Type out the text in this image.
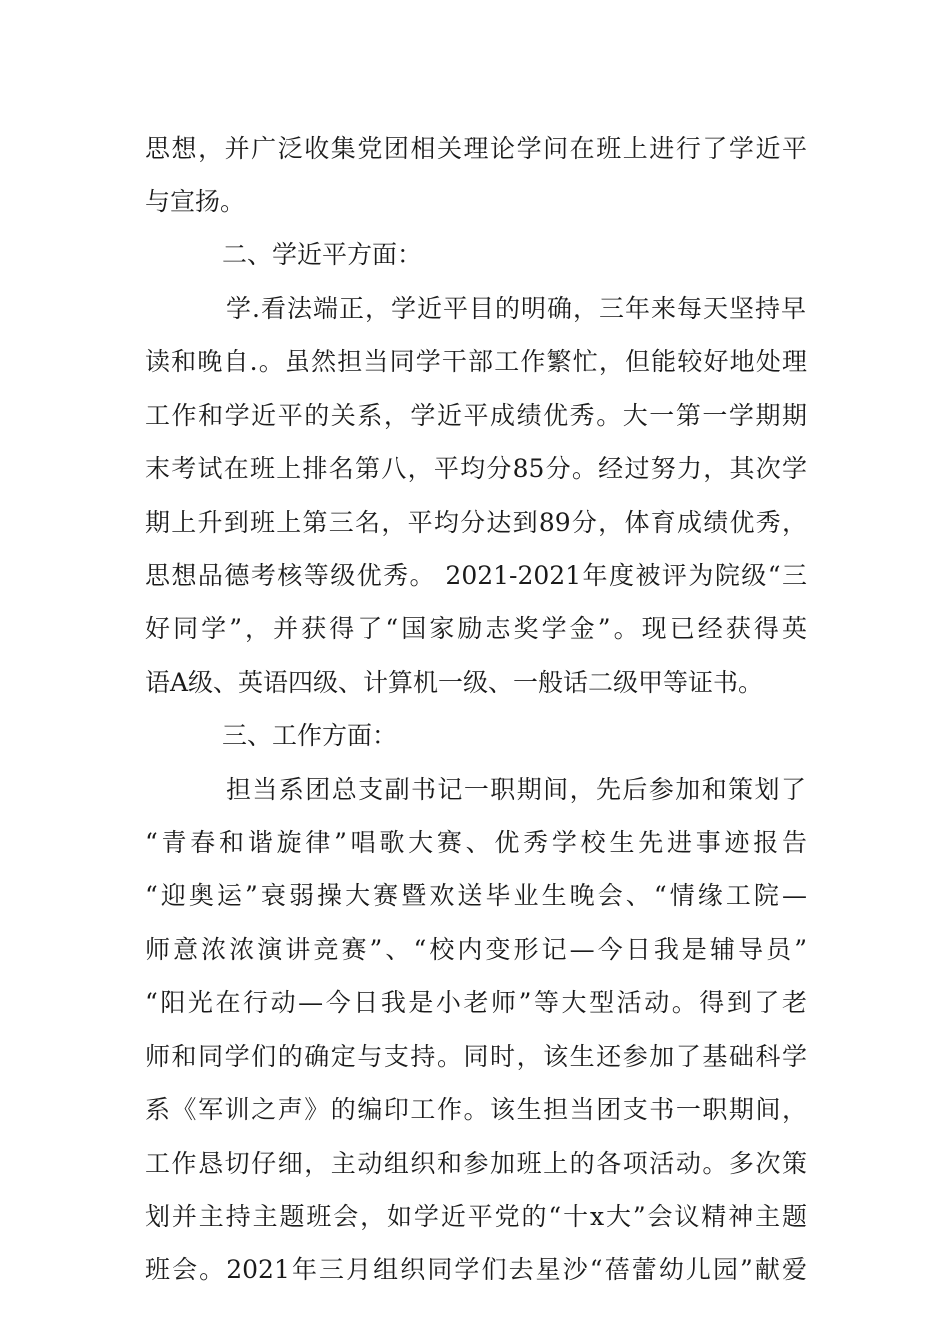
思想，并广泛收集党团相关理论学问在班上进行了学近平
与宣扬。
二、学近平方面：
学.看法端正，学近平目的明确，三年来每天坚持早
读和晚自.。虽然担当同学干部工作繁忙，但能较好地处理
工作和学近平的关系，学近平成绩优秀。大一第一学期期
末考试在班上排名第八，平均分85分。经过努力，其次学
期上升到班上第三名，平均分达到89分，体育成绩优秀，
思想品德考核等级优秀。 2021-2021年度被评为院级“三
好同学”，并获得了“国家励志奖学金”。现已经获得英
语A级、英语四级、计算机一级、一般话二级甲等证书。
三、工作方面：
担当系团总支副书记一职期间，先后参加和策划了
“青春和谐旋律”唱歌大赛、优秀学校生先进事迹报告
“迎奥运”衰弱操大赛暨欢送毕业生晚会、“情缘工院—
师意浓浓演讲竞赛”、“校内变形记—今日我是辅导员”
“阳光在行动—今日我是小老师”等大型活动。得到了老
师和同学们的确定与支持。同时，该生还参加了基础科学
系《军训之声》的编印工作。该生担当团支书一职期间，
工作恳切仔细，主动组织和参加班上的各项活动。多次策
划并主持主题班会，如学近平党的“十x大”会议精神主题
班会。2021年三月组织同学们去星沙“蓓蕾幼儿园”献爱
